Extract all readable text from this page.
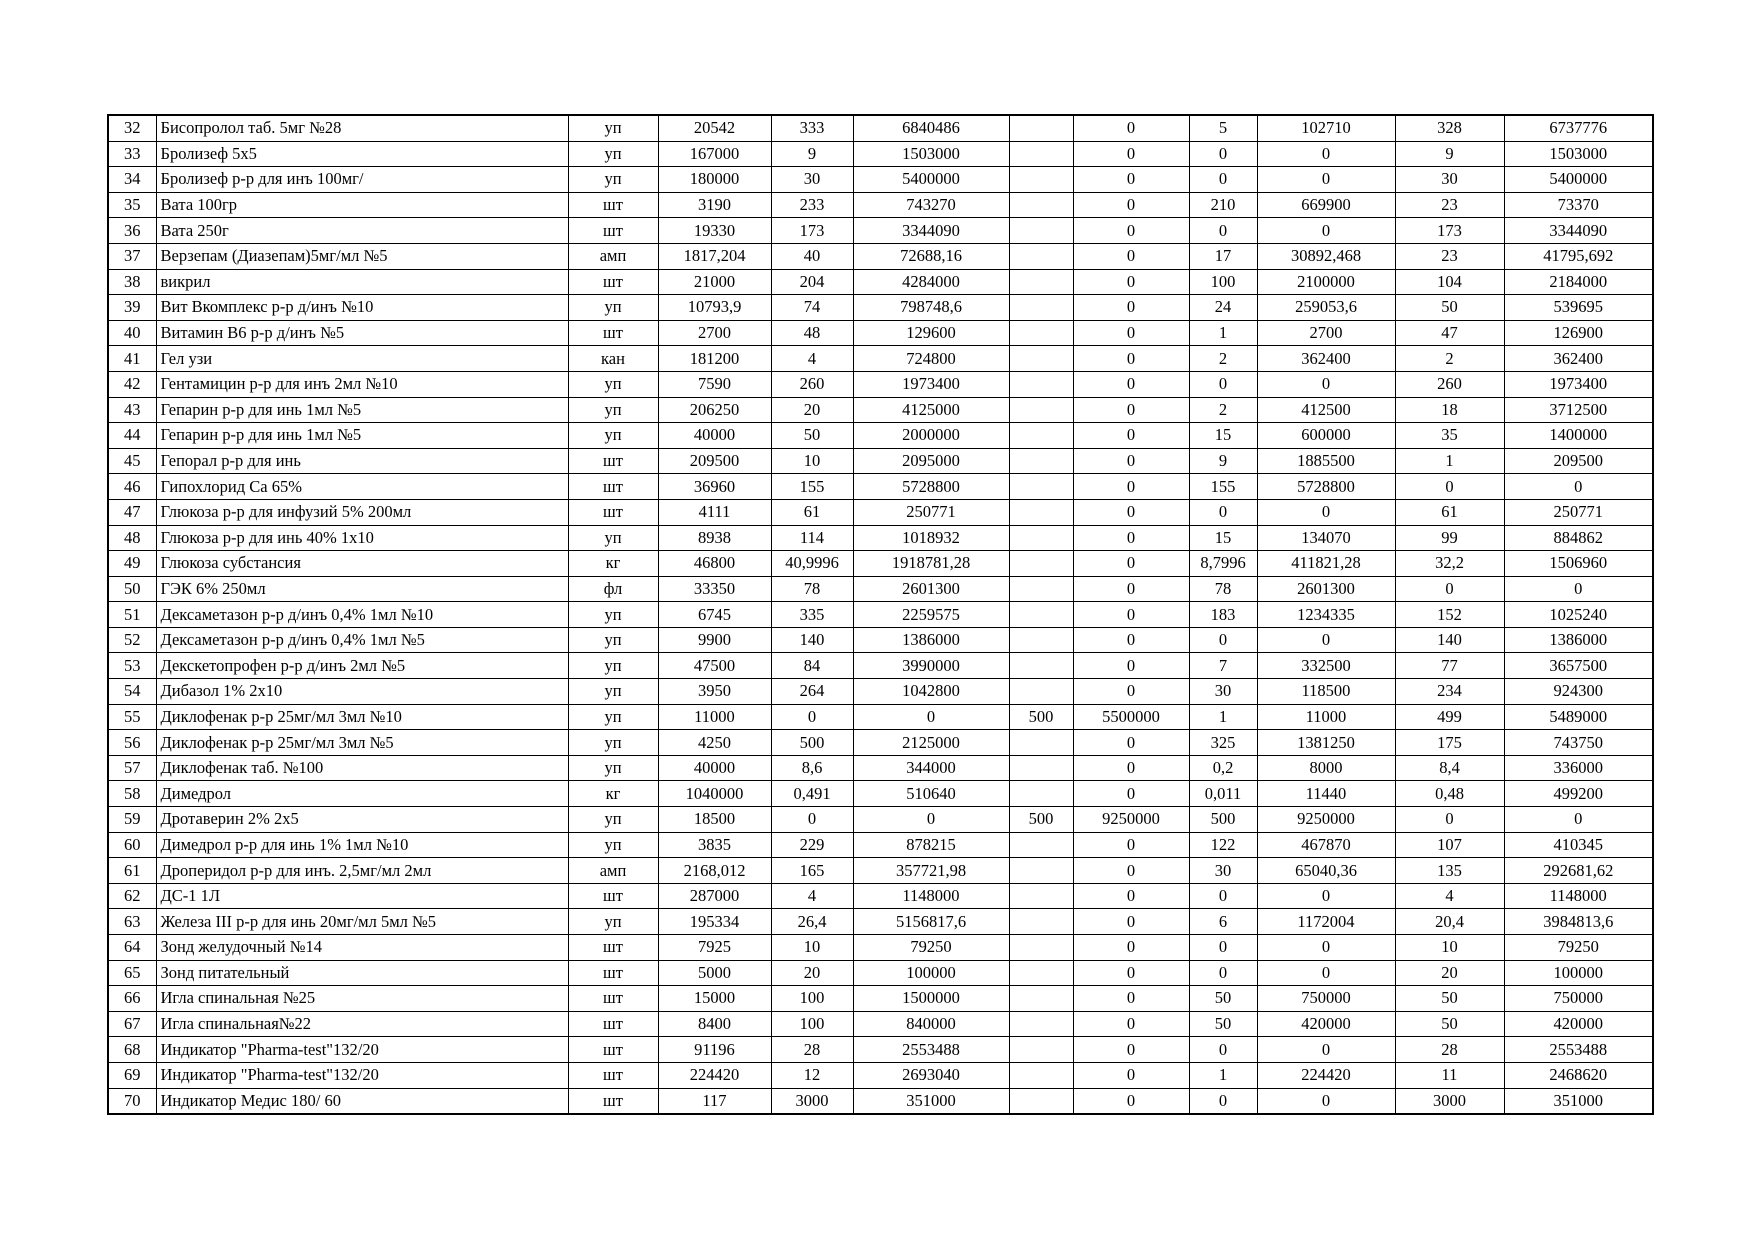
32	Бисопролол таб. 5мг №28	уп	20542	333	6840486		0	5	102710	328	6737776
33	Бролизеф 5х5	уп	167000	9	1503000		0	0	0	9	1503000
34	Бролизеф р-р для инъ 100мг/	уп	180000	30	5400000		0	0	0	30	5400000
35	Вата 100гр	шт	3190	233	743270		0	210	669900	23	73370
36	Вата 250г	шт	19330	173	3344090		0	0	0	173	3344090
37	Верзепам (Диазепам)5мг/мл №5	амп	1817,204	40	72688,16		0	17	30892,468	23	41795,692
38	викрил	шт	21000	204	4284000		0	100	2100000	104	2184000
39	Вит Вкомплекс р-р д/инъ №10	уп	10793,9	74	798748,6		0	24	259053,6	50	539695
40	Витамин В6 р-р д/инъ №5	шт	2700	48	129600		0	1	2700	47	126900
41	Гел узи	кан	181200	4	724800		0	2	362400	2	362400
42	Гентамицин р-р для инъ 2мл №10	уп	7590	260	1973400		0	0	0	260	1973400
43	Гепарин р-р для инь 1мл №5	уп	206250	20	4125000		0	2	412500	18	3712500
44	Гепарин р-р для инь 1мл №5	уп	40000	50	2000000		0	15	600000	35	1400000
45	Гепорал р-р для инь	шт	209500	10	2095000		0	9	1885500	1	209500
46	Гипохлорид Са 65%	шт	36960	155	5728800		0	155	5728800	0	0
47	Глюкоза р-р для инфузий 5% 200мл	шт	4111	61	250771		0	0	0	61	250771
48	Глюкоза р-р для инь 40% 1х10	уп	8938	114	1018932		0	15	134070	99	884862
49	Глюкоза субстансия	кг	46800	40,9996	1918781,28		0	8,7996	411821,28	32,2	1506960
50	ГЭК 6% 250мл	фл	33350	78	2601300		0	78	2601300	0	0
51	Дексаметазон р-р д/инъ 0,4% 1мл №10	уп	6745	335	2259575		0	183	1234335	152	1025240
52	Дексаметазон р-р д/инъ 0,4% 1мл №5	уп	9900	140	1386000		0	0	0	140	1386000
53	Декскетопрофен р-р д/инъ 2мл №5	уп	47500	84	3990000		0	7	332500	77	3657500
54	Дибазол 1% 2х10	уп	3950	264	1042800		0	30	118500	234	924300
55	Диклофенак р-р 25мг/мл 3мл №10	уп	11000	0	0	500	5500000	1	11000	499	5489000
56	Диклофенак р-р 25мг/мл 3мл №5	уп	4250	500	2125000		0	325	1381250	175	743750
57	Диклофенак таб. №100	уп	40000	8,6	344000		0	0,2	8000	8,4	336000
58	Димедрол	кг	1040000	0,491	510640		0	0,011	11440	0,48	499200
59	Дротаверин 2% 2х5	уп	18500	0	0	500	9250000	500	9250000	0	0
60	Димедрол р-р для инь 1% 1мл №10	уп	3835	229	878215		0	122	467870	107	410345
61	Дроперидол р-р для инъ. 2,5мг/мл 2мл	амп	2168,012	165	357721,98		0	30	65040,36	135	292681,62
62	ДС-1 1Л	шт	287000	4	1148000		0	0	0	4	1148000
63	Железа III р-р для инь 20мг/мл 5мл №5	уп	195334	26,4	5156817,6		0	6	1172004	20,4	3984813,6
64	Зонд желудочный №14	шт	7925	10	79250		0	0	0	10	79250
65	Зонд питательный	шт	5000	20	100000		0	0	0	20	100000
66	Игла спинальная №25	шт	15000	100	1500000		0	50	750000	50	750000
67	Игла спинальная№22	шт	8400	100	840000		0	50	420000	50	420000
68	Индикатор "Pharma-test"132/20	шт	91196	28	2553488		0	0	0	28	2553488
69	Индикатор "Pharma-test"132/20	шт	224420	12	2693040		0	1	224420	11	2468620
70	Индикатор Медис 180/ 60	шт	117	3000	351000		0	0	0	3000	351000
